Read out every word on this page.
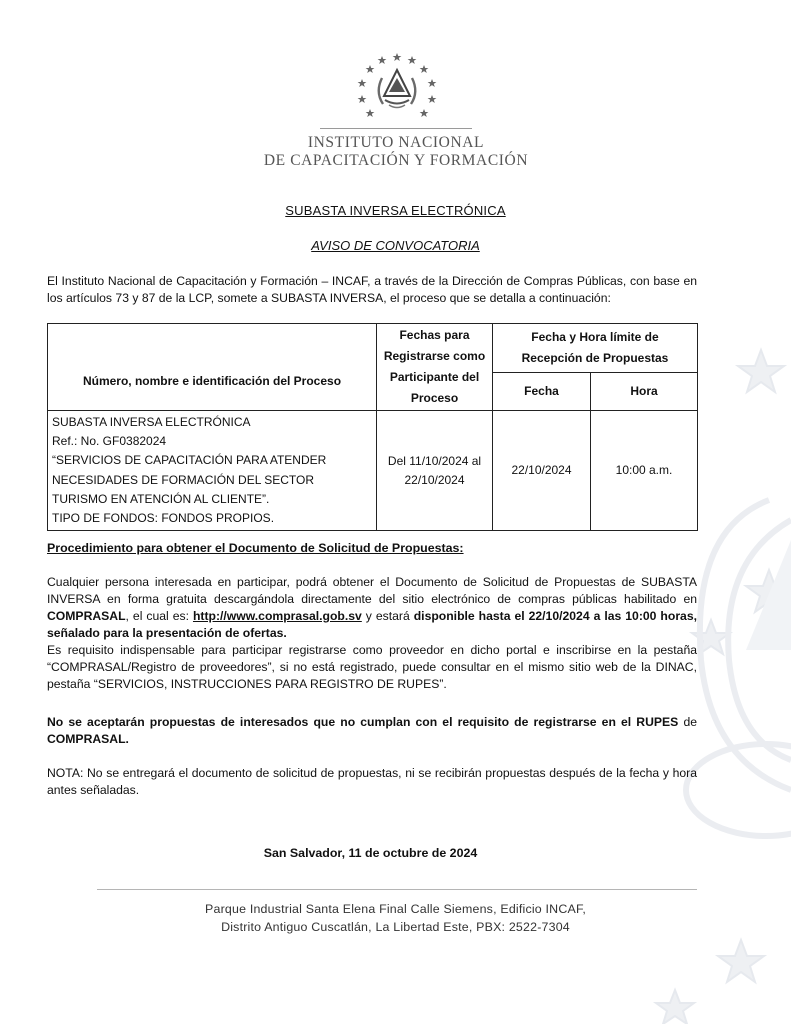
INSTITUTO NACIONAL
DE CAPACITACIÓN Y FORMACIÓN
SUBASTA INVERSA ELECTRÓNICA
AVISO DE CONVOCATORIA

El Instituto Nacional de Capacitación y Formación – INCAF, a través de la Dirección de Compras Públicas, con base en los artículos 73 y 87 de la LCP, somete a SUBASTA INVERSA, el proceso que se detalla a continuación:

Número, nombre e identificación del Proceso	Fechas para Registrarse como Participante del Proceso	Fecha y Hora límite de Recepción de Propuestas	
		Fecha	Hora

SUBASTA INVERSA ELECTRÓNICA
Ref.: No. GF0382024
“SERVICIOS DE CAPACITACIÓN PARA ATENDER NECESIDADES DE FORMACIÓN DEL SECTOR TURISMO EN ATENCIÓN AL CLIENTE”.
TIPO DE FONDOS: FONDOS PROPIOS.	Del 11/10/2024 al 22/10/2024	22/10/2024	10:00 a.m.
Procedimiento para obtener el Documento de Solicitud de Propuestas:
Cualquier persona interesada en participar, podrá obtener el Documento de Solicitud de Propuestas de SUBASTA INVERSA en forma gratuita descargándola directamente del sitio electrónico de compras públicas habilitado en COMPRASAL, el cual es: http://www.comprasal.gob.sv y estará disponible hasta el 22/10/2024 a las 10:00 horas, señalado para la presentación de ofertas.
Es requisito indispensable para participar registrarse como proveedor en dicho portal e inscribirse en la pestaña “COMPRASAL/Registro de proveedores”, si no está registrado, puede consultar en el mismo sitio web de la DINAC, pestaña “SERVICIOS, INSTRUCCIONES PARA REGISTRO DE RUPES”.
No se aceptarán propuestas de interesados que no cumplan con el requisito de registrarse en el RUPES de COMPRASAL.

NOTA: No se entregará el documento de solicitud de propuestas, ni se recibirán propuestas después de la fecha y hora antes señaladas.

San Salvador, 11 de octubre de 2024
Parque Industrial Santa Elena Final Calle Siemens, Edificio INCAF,
Distrito Antiguo Cuscatlán, La Libertad Este, PBX: 2522-7304
